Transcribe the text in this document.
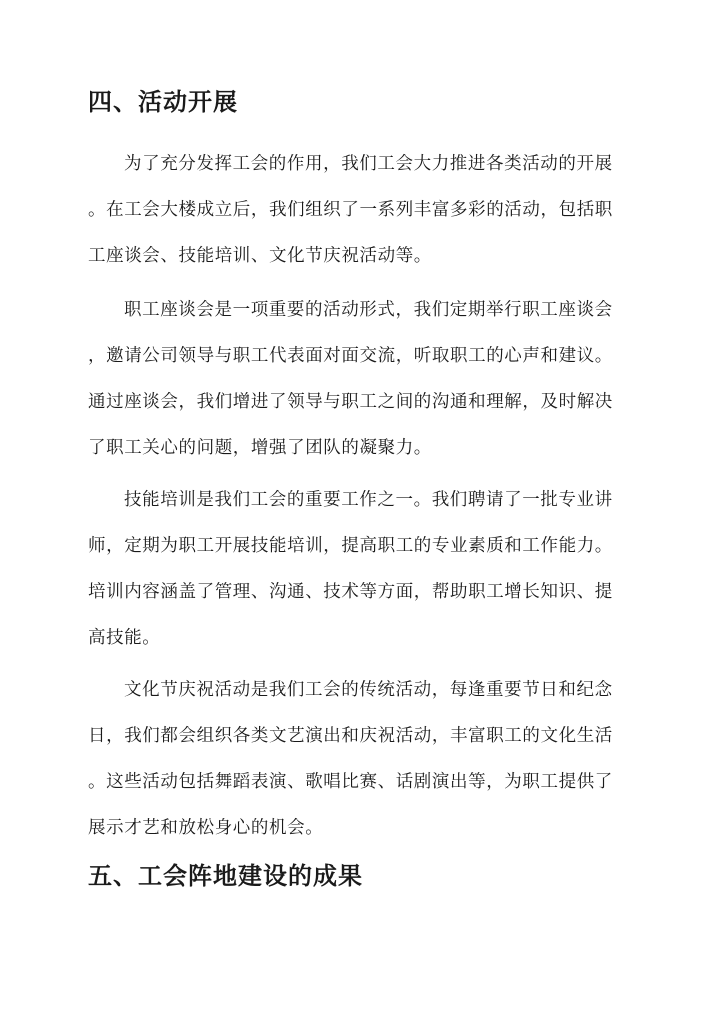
四、活动开展
为了充分发挥工会的作用，我们工会大力推进各类活动的开展
。在工会大楼成立后，我们组织了一系列丰富多彩的活动，包括职
工座谈会、技能培训、文化节庆祝活动等。
职工座谈会是一项重要的活动形式，我们定期举行职工座谈会
，邀请公司领导与职工代表面对面交流，听取职工的心声和建议。
通过座谈会，我们增进了领导与职工之间的沟通和理解，及时解决
了职工关心的问题，增强了团队的凝聚力。
技能培训是我们工会的重要工作之一。我们聘请了一批专业讲
师，定期为职工开展技能培训，提高职工的专业素质和工作能力。
培训内容涵盖了管理、沟通、技术等方面，帮助职工增长知识、提
高技能。
文化节庆祝活动是我们工会的传统活动，每逢重要节日和纪念
日，我们都会组织各类文艺演出和庆祝活动，丰富职工的文化生活
。这些活动包括舞蹈表演、歌唱比赛、话剧演出等，为职工提供了
展示才艺和放松身心的机会。
五、工会阵地建设的成果
